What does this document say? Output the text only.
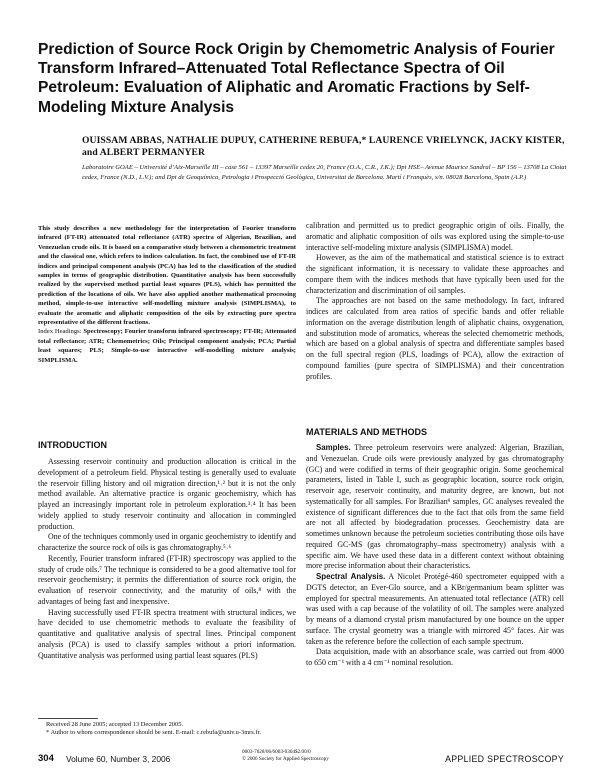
Prediction of Source Rock Origin by Chemometric Analysis of Fourier Transform Infrared–Attenuated Total Reflectance Spectra of Oil Petroleum: Evaluation of Aliphatic and Aromatic Fractions by Self-Modeling Mixture Analysis
OUISSAM ABBAS, NATHALIE DUPUY, CATHERINE REBUFA,* LAURENCE VRIELYNCK, JACKY KISTER, and ALBERT PERMANYER
Laboratoire GOAE – Université d’Aix-Marseille III – case 561 – 13397 Marseille cedex 20, France (O.A., C.R., J.K.); Dpt HSE– Avenue Maurice Sandral – BP 156 – 13708 La Ciotat cedex, France (N.D., L.V.); and Dpt de Geoquímica, Petrologia i Prospecció Geològica, Universitat de Barcelona. Martí i Franquès, s/n. 08028 Barcelona, Spain (A.P.)
This study describes a new methodology for the interpretation of Fourier transform infrared (FT-IR) attenuated total reflectance (ATR) spectra of Algerian, Brazilian, and Venezuelan crude oils. It is based on a comparative study between a chemometric treatment and the classical one, which refers to indices calculation. In fact, the combined use of FT-IR indices and principal component analysis (PCA) has led to the classification of the studied samples in terms of geographic distribution. Quantitative analysis has been successfully realized by the supervised method partial least squares (PLS), which has permitted the prediction of the locations of oils. We have also applied another mathematical processing method, simple-to-use interactive self-modelling mixture analysis (SIMPLISMA), to evaluate the aromatic and aliphatic composition of the oils by extracting pure spectra representative of the different fractions.
Index Headings: Spectroscopy; Fourier transform infrared spectroscopy; FT-IR; Attenuated total reflectance; ATR; Chemometrics; Oils; Principal component analysis; PCA; Partial least squares; PLS; Simple-to-use interactive self-modelling mixture analysis; SIMPLISMA.
INTRODUCTION

Assessing reservoir continuity and production allocation is critical in the development of a petroleum field. Physical testing is generally used to evaluate the reservoir filling history and oil migration direction,¹˒² but it is not the only method available. An alternative practice is organic geochemistry, which has played an increasingly important role in petroleum exploration.³˒⁴ It has been widely applied to study reservoir continuity and allocation in commingled production.

One of the techniques commonly used in organic geochemistry to identify and characterize the source rock of oils is gas chromatography.⁵˒⁶

Recently, Fourier transform infrared (FT-IR) spectroscopy was applied to the study of crude oils.⁷ The technique is considered to be a good alternative tool for reservoir geochemistry; it permits the differentiation of source rock origin, the evaluation of reservoir connectivity, and the maturity of oils,⁸ with the advantages of being fast and inexpensive.

Having successfully used FT-IR spectra treatment with structural indices, we have decided to use chemometric methods to evaluate the feasibility of quantitative and qualitative analysis of spectral lines. Principal component analysis (PCA) is used to classify samples without a priori information. Quantitative analysis was performed using partial least squares (PLS)

calibration and permitted us to predict geographic origin of oils. Finally, the aromatic and aliphatic composition of oils was explored using the simple-to-use interactive self-modeling mixture analysis (SIMPLISMA) model.

However, as the aim of the mathematical and statistical science is to extract the significant information, it is necessary to validate these approaches and compare them with the indices methods that have typically been used for the characterization and discrimination of oil samples.

The approaches are not based on the same methodology. In fact, infrared indices are calculated from area ratios of specific bands and offer reliable information on the average distribution length of aliphatic chains, oxygenation, and substitution mode of aromatics, whereas the selected chemometric methods, which are based on a global analysis of spectra and differentiate samples based on the full spectral region (PLS, loadings of PCA), allow the extraction of compound families (pure spectra of SIMPLISMA) and their concentration profiles.

MATERIALS AND METHODS

Samples. Three petroleum reservoirs were analyzed: Algerian, Brazilian, and Venezuelan. Crude oils were previously analyzed by gas chromatography (GC) and were codified in terms of their geographic origin. Some geochemical parameters, listed in Table I, such as geographic location, source rock origin, reservoir age, reservoir continuity, and maturity degree, are known, but not systematically for all samples. For Brazilian⁹ samples, GC analyses revealed the existence of significant differences due to the fact that oils from the same field are not all affected by biodegradation processes. Geochemistry data are sometimes unknown because the petroleum societies contributing those oils have required GC-MS (gas chromatography–mass spectrometry) analysis with a specific aim. We have used these data in a different context without obtaining more precise information about their characteristics.

Spectral Analysis. A Nicolet Protégé-460 spectrometer equipped with a DGTS detector, an Ever-Glo source, and a KBr/germanium beam splitter was employed for spectral measurements. An attenuated total reflectance (ATR) cell was used with a cap because of the volatility of oil. The samples were analyzed by means of a diamond crystal prism manufactured by one bounce on the upper surface. The crystal geometry was a triangle with mirrored 45° faces. Air was taken as the reference before the collection of each sample spectrum.

Data acquisition, made with an absorbance scale, was carried out from 4000 to 650 cm⁻¹ with a 4 cm⁻¹ nominal resolution.

Received 28 June 2005; accepted 13 December 2005.
* Author to whom correspondence should be sent. E-mail: c.rebufa@univ.u-3mrs.fr.
304 Volume 60, Number 3, 2006
0003-7028/06/6003-0304$2.00/0
© 2006 Society for Applied Spectroscopy	APPLIED SPECTROSCOPY
